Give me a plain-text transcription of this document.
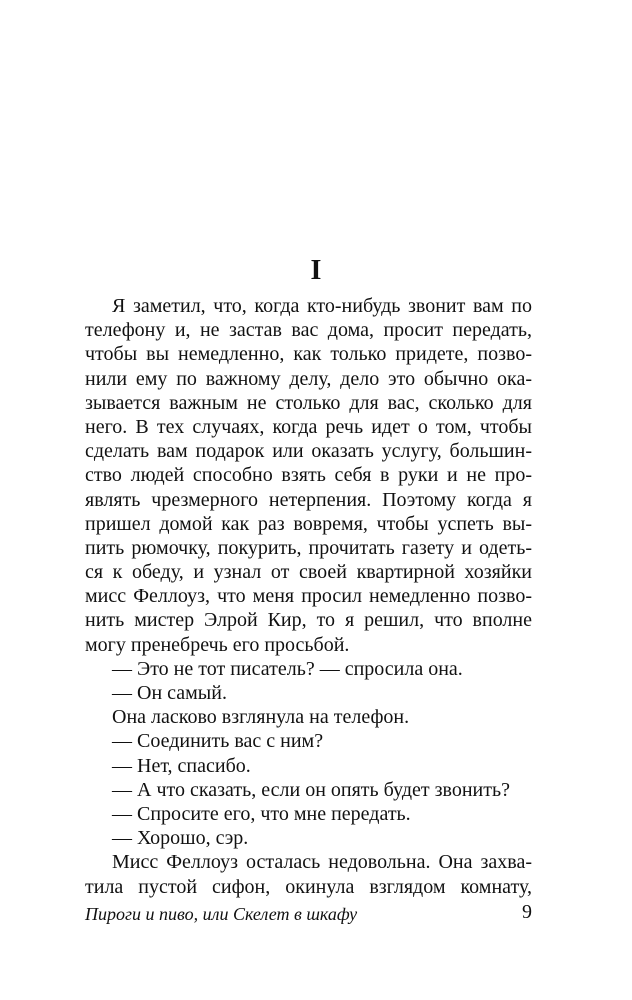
I
Я заметил, что, когда кто-нибудь звонит вам по
телефону и, не застав вас дома, просит передать,
чтобы вы немедленно, как только придете, позво-
нили ему по важному делу, дело это обычно ока-
зывается важным не столько для вас, сколько для
него. В тех случаях, когда речь идет о том, чтобы
сделать вам подарок или оказать услугу, большин-
ство людей способно взять себя в руки и не про-
являть чрезмерного нетерпения. Поэтому когда я
пришел домой как раз вовремя, чтобы успеть вы-
пить рюмочку, покурить, прочитать газету и одеть-
ся к обеду, и узнал от своей квартирной хозяйки
мисс Феллоуз, что меня просил немедленно позво-
нить мистер Элрой Кир, то я решил, что вполне
могу пренебречь его просьбой.
— Это не тот писатель? — спросила она.
— Он самый.
Она ласково взглянула на телефон.
— Соединить вас с ним?
— Нет, спасибо.
— А что сказать, если он опять будет звонить?
— Спросите его, что мне передать.
— Хорошо, сэр.
Мисс Феллоуз осталась недовольна. Она захва-
тила пустой сифон, окинула взглядом комнату,
Пироги и пиво, или Скелет в шкафу	9
